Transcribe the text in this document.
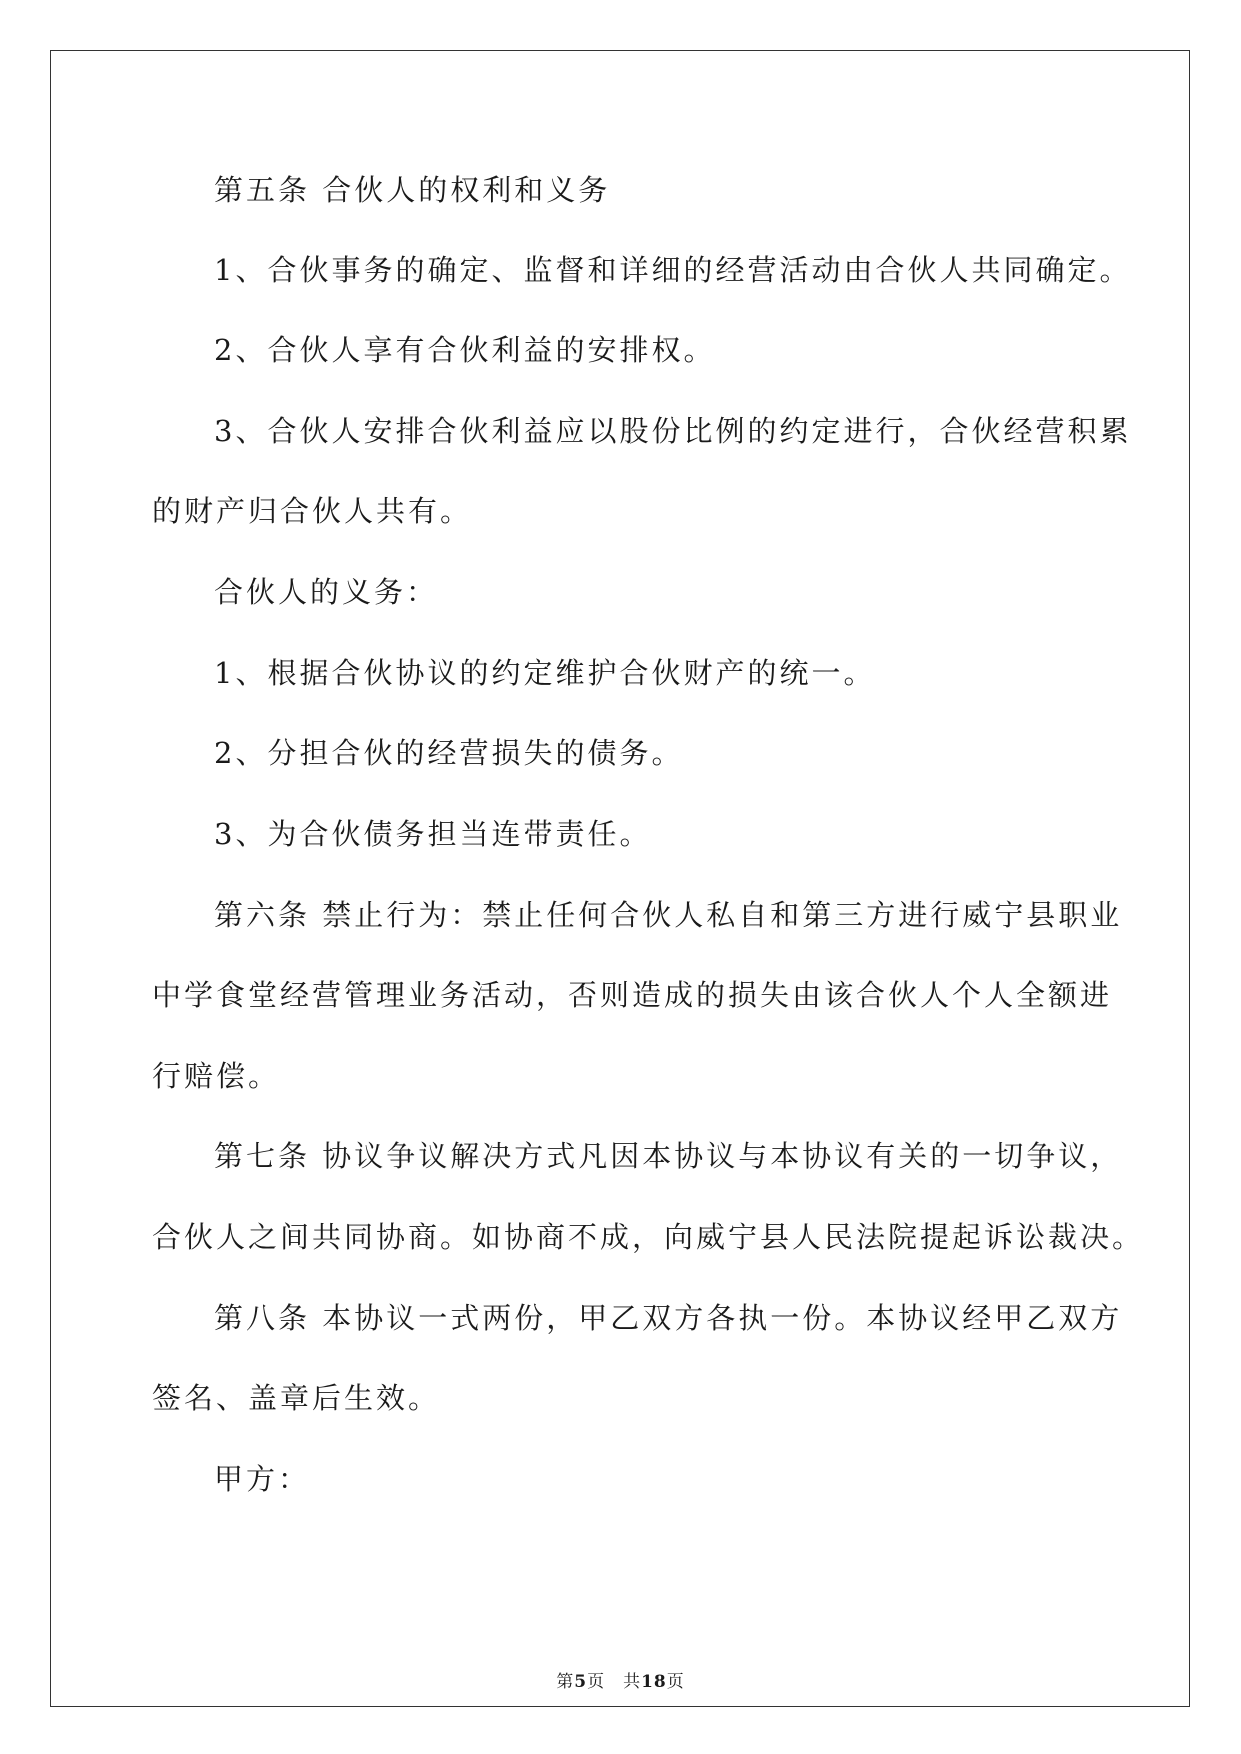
第五条 合伙人的权利和义务
1、合伙事务的确定、监督和详细的经营活动由合伙人共同确定。
2、合伙人享有合伙利益的安排权。
3、合伙人安排合伙利益应以股份比例的约定进行，合伙经营积累
的财产归合伙人共有。
合伙人的义务：
1、根据合伙协议的约定维护合伙财产的统一。
2、分担合伙的经营损失的债务。
3、为合伙债务担当连带责任。
第六条 禁止行为：禁止任何合伙人私自和第三方进行威宁县职业
中学食堂经营管理业务活动，否则造成的损失由该合伙人个人全额进
行赔偿。
第七条 协议争议解决方式凡因本协议与本协议有关的一切争议，
合伙人之间共同协商。如协商不成，向威宁县人民法院提起诉讼裁决。
第八条 本协议一式两份，甲乙双方各执一份。本协议经甲乙双方
签名、盖章后生效。
甲方：
第5页 共18页
